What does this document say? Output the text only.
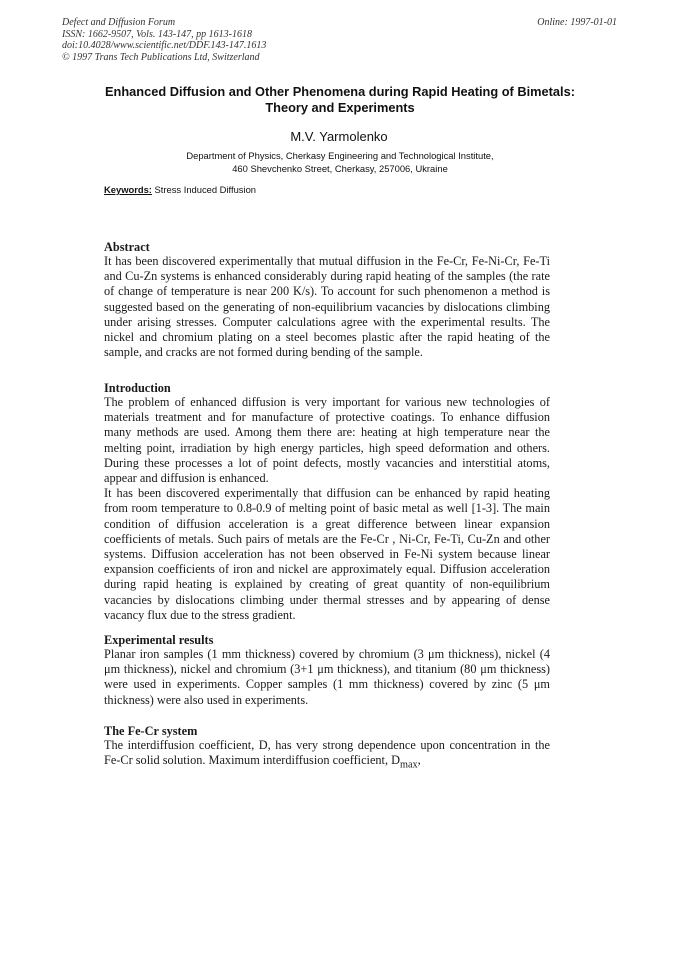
Defect and Diffusion Forum
ISSN: 1662-9507, Vols. 143-147, pp 1613-1618
doi:10.4028/www.scientific.net/DDF.143-147.1613
© 1997 Trans Tech Publications Ltd, Switzerland
Online: 1997-01-01
Enhanced Diffusion and Other Phenomena during Rapid Heating of Bimetals: Theory and Experiments
M.V. Yarmolenko
Department of Physics, Cherkasy Engineering and Technological Institute,
460 Shevchenko Street, Cherkasy, 257006, Ukraine
Keywords: Stress Induced Diffusion
Abstract

It has been discovered experimentally that mutual diffusion in the Fe-Cr, Fe-Ni-Cr, Fe-Ti and Cu-Zn systems is enhanced considerably during rapid heating of the samples (the rate of change of temperature is near 200 K/s). To account for such phenomenon a method is suggested based on the generating of non-equilibrium vacancies by dislocations climbing under arising stresses. Computer calculations agree with the experimental results. The nickel and chromium plating on a steel becomes plastic after the rapid heating of the sample, and cracks are not formed during bending of the sample.

Introduction

The problem of enhanced diffusion is very important for various new technologies of materials treatment and for manufacture of protective coatings. To enhance diffusion many methods are used. Among them there are: heating at high temperature near the melting point, irradiation by high energy particles, high speed deformation and others. During these processes a lot of point defects, mostly vacancies and interstitial atoms, appear and diffusion is enhanced.

It has been discovered experimentally that diffusion can be enhanced by rapid heating from room temperature to 0.8-0.9 of melting point of basic metal as well [1-3]. The main condition of diffusion acceleration is a great difference between linear expansion coefficients of metals. Such pairs of metals are the Fe-Cr , Ni-Cr, Fe-Ti, Cu-Zn and other systems. Diffusion acceleration has not been observed in Fe-Ni system because linear expansion coefficients of iron and nickel are approximately equal. Diffusion acceleration during rapid heating is explained by creating of great quantity of non-equilibrium vacancies by dislocations climbing under thermal stresses and by appearing of dense vacancy flux due to the stress gradient.

Experimental results

Planar iron samples (1 mm thickness) covered by chromium (3 μm thickness), nickel (4 μm thickness), nickel and chromium (3+1 μm thickness), and titanium (80 μm thickness) were used in experiments. Copper samples (1 mm thickness) covered by zinc (5 μm thickness) were also used in experiments.

The Fe-Cr system

The interdiffusion coefficient, D, has very strong dependence upon concentration in the Fe-Cr solid solution. Maximum interdiffusion coefficient, $D_{max}$,
